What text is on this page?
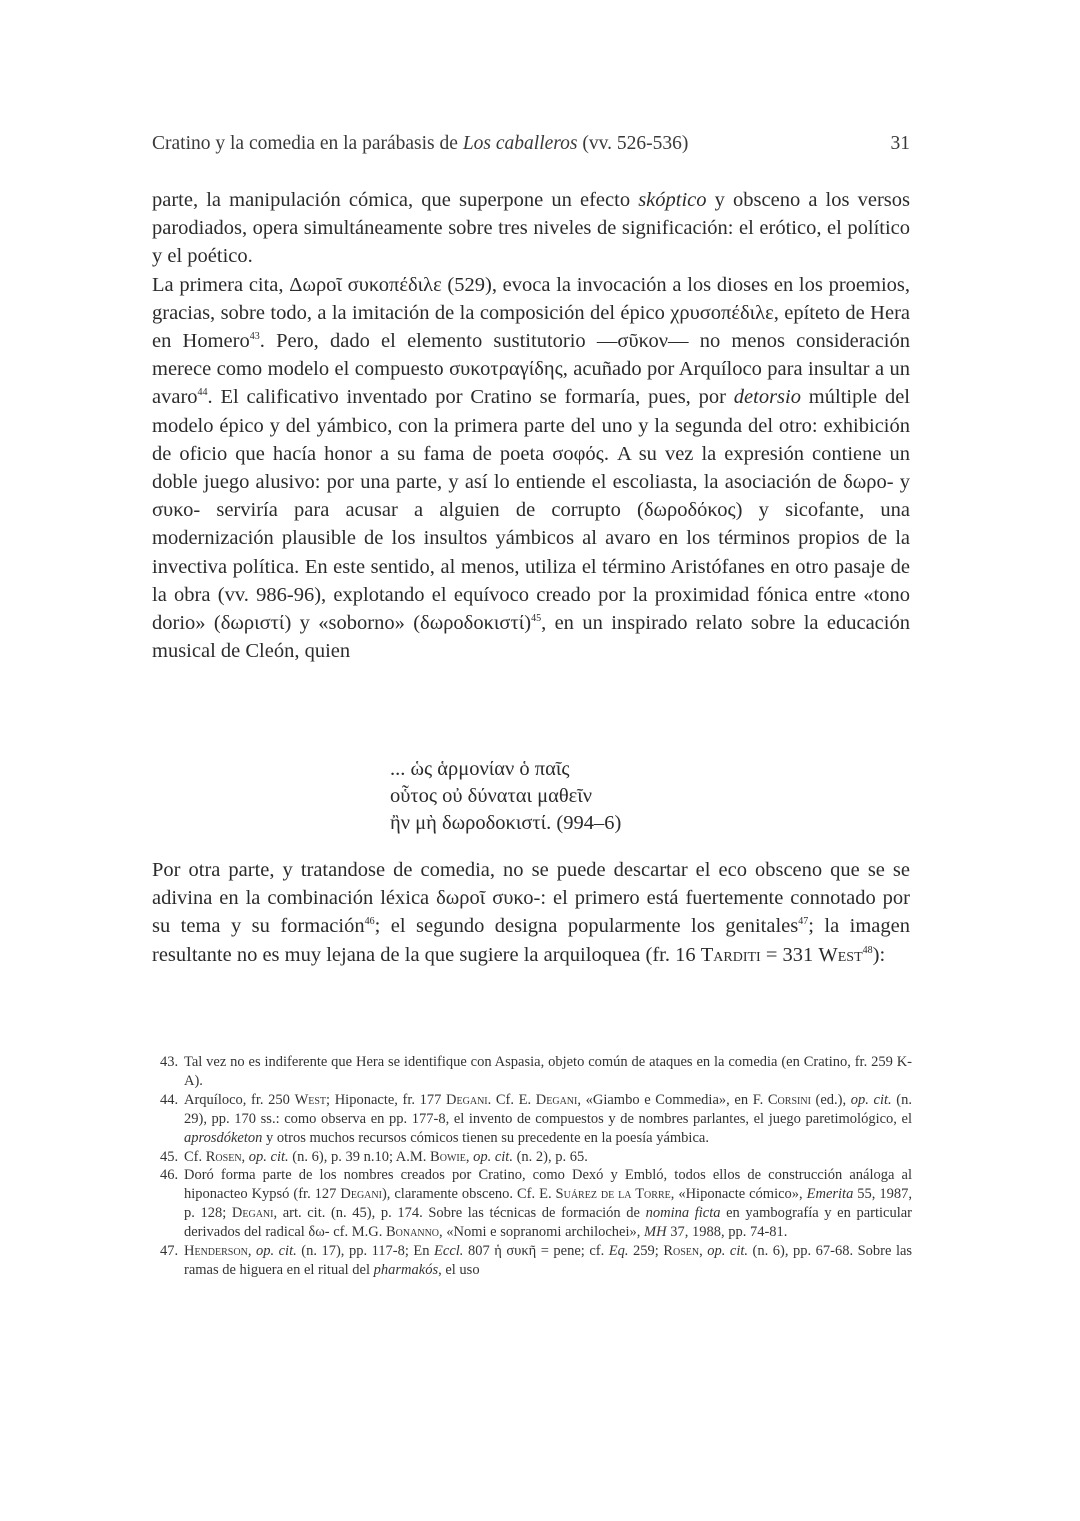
Cratino y la comedia en la parábasis de Los caballeros (vv. 526-536)	31

parte, la manipulación cómica, que superpone un efecto skóptico y obsceno a los versos parodiados, opera simultáneamente sobre tres niveles de significación: el erótico, el político y el poético.

La primera cita, Δωροῖ συκοπέδιλε (529), evoca la invocación a los dioses en los proemios, gracias, sobre todo, a la imitación de la composición del épico χρυσοπέδιλε, epíteto de Hera en Homero$^{43}$. Pero, dado el elemento sustitutorio —σῦκον— no menos consideración merece como modelo el compuesto συκοτραγίδης, acuñado por Arquíloco para insultar a un avaro$^{44}$. El calificativo inventado por Cratino se formaría, pues, por detorsio múltiple del modelo épico y del yámbico, con la primera parte del uno y la segunda del otro: exhibición de oficio que hacía honor a su fama de poeta σοφός. A su vez la expresión contiene un doble juego alusivo: por una parte, y así lo entiende el escoliasta, la asociación de δωρο- y συκο- serviría para acusar a alguien de corrupto (δωροδόκος) y sicofante, una modernización plausible de los insultos yámbicos al avaro en los términos propios de la invectiva política. En este sentido, al menos, utiliza el término Aristófanes en otro pasaje de la obra (vv. 986-96), explotando el equívoco creado por la proximidad fónica entre «tono dorio» (δωριστί) y «soborno» $(\delta\omega\rho o\delta o\kappa\iota\sigma\tau ί)^{45}$, en un inspirado relato sobre la educación musical de Cleón, quien

... ὡς ἁρμονίαν ὁ παῖς
οὗτος οὐ δύναται μαθεῖν
ἢν μὴ δωροδοκιστί. (994–6)
Por otra parte, y tratandose de comedia, no se puede descartar el eco obsceno que se se adivina en la combinación léxica δωροῖ συκο-: el primero está fuertemente connotado por su tema y su formación$^{46}$; el segundo designa popularmente los genitales$^{47}$; la imagen resultante no es muy lejana de la que sugiere la arquiloquea (fr. 16 Tarditi = 331 West$^{48}$):
43. Tal vez no es indiferente que Hera se identifique con Aspasia, objeto común de ataques en la comedia (en Cratino, fr. 259 K-A).
44. Arquíloco, fr. 250 West; Hiponacte, fr. 177 Degani. Cf. E. Degani, «Giambo e Commedia», en F. Corsini (ed.), op. cit. (n. 29), pp. 170 ss.: como observa en pp. 177-8, el invento de compuestos y de nombres parlantes, el juego paretimológico, el aprosdóketon y otros muchos recursos cómicos tienen su precedente en la poesía yámbica.
45. Cf. Rosen, op. cit. (n. 6), p. 39 n.10; A.M. Bowie, op. cit. (n. 2), p. 65.
46. Doró forma parte de los nombres creados por Cratino, como Dexó y Embló, todos ellos de construcción análoga al hiponacteo Kypsó (fr. 127 Degani), claramente obsceno. Cf. E. Suárez de la Torre, «Hiponacte cómico», Emerita 55, 1987, p. 128; Degani, art. cit. (n. 45), p. 174. Sobre las técnicas de formación de nomina ficta en yambografía y en particular derivados del radical δω- cf. M.G. Bonanno, «Nomi e sopranomi archilochei», MH 37, 1988, pp. 74-81.
47. Henderson, op. cit. (n. 17), pp. 117-8; En Eccl. 807 ἡ συκῆ = pene; cf. Eq. 259; Rosen, op. cit. (n. 6), pp. 67-68. Sobre las ramas de higuera en el ritual del pharmakós, el uso
